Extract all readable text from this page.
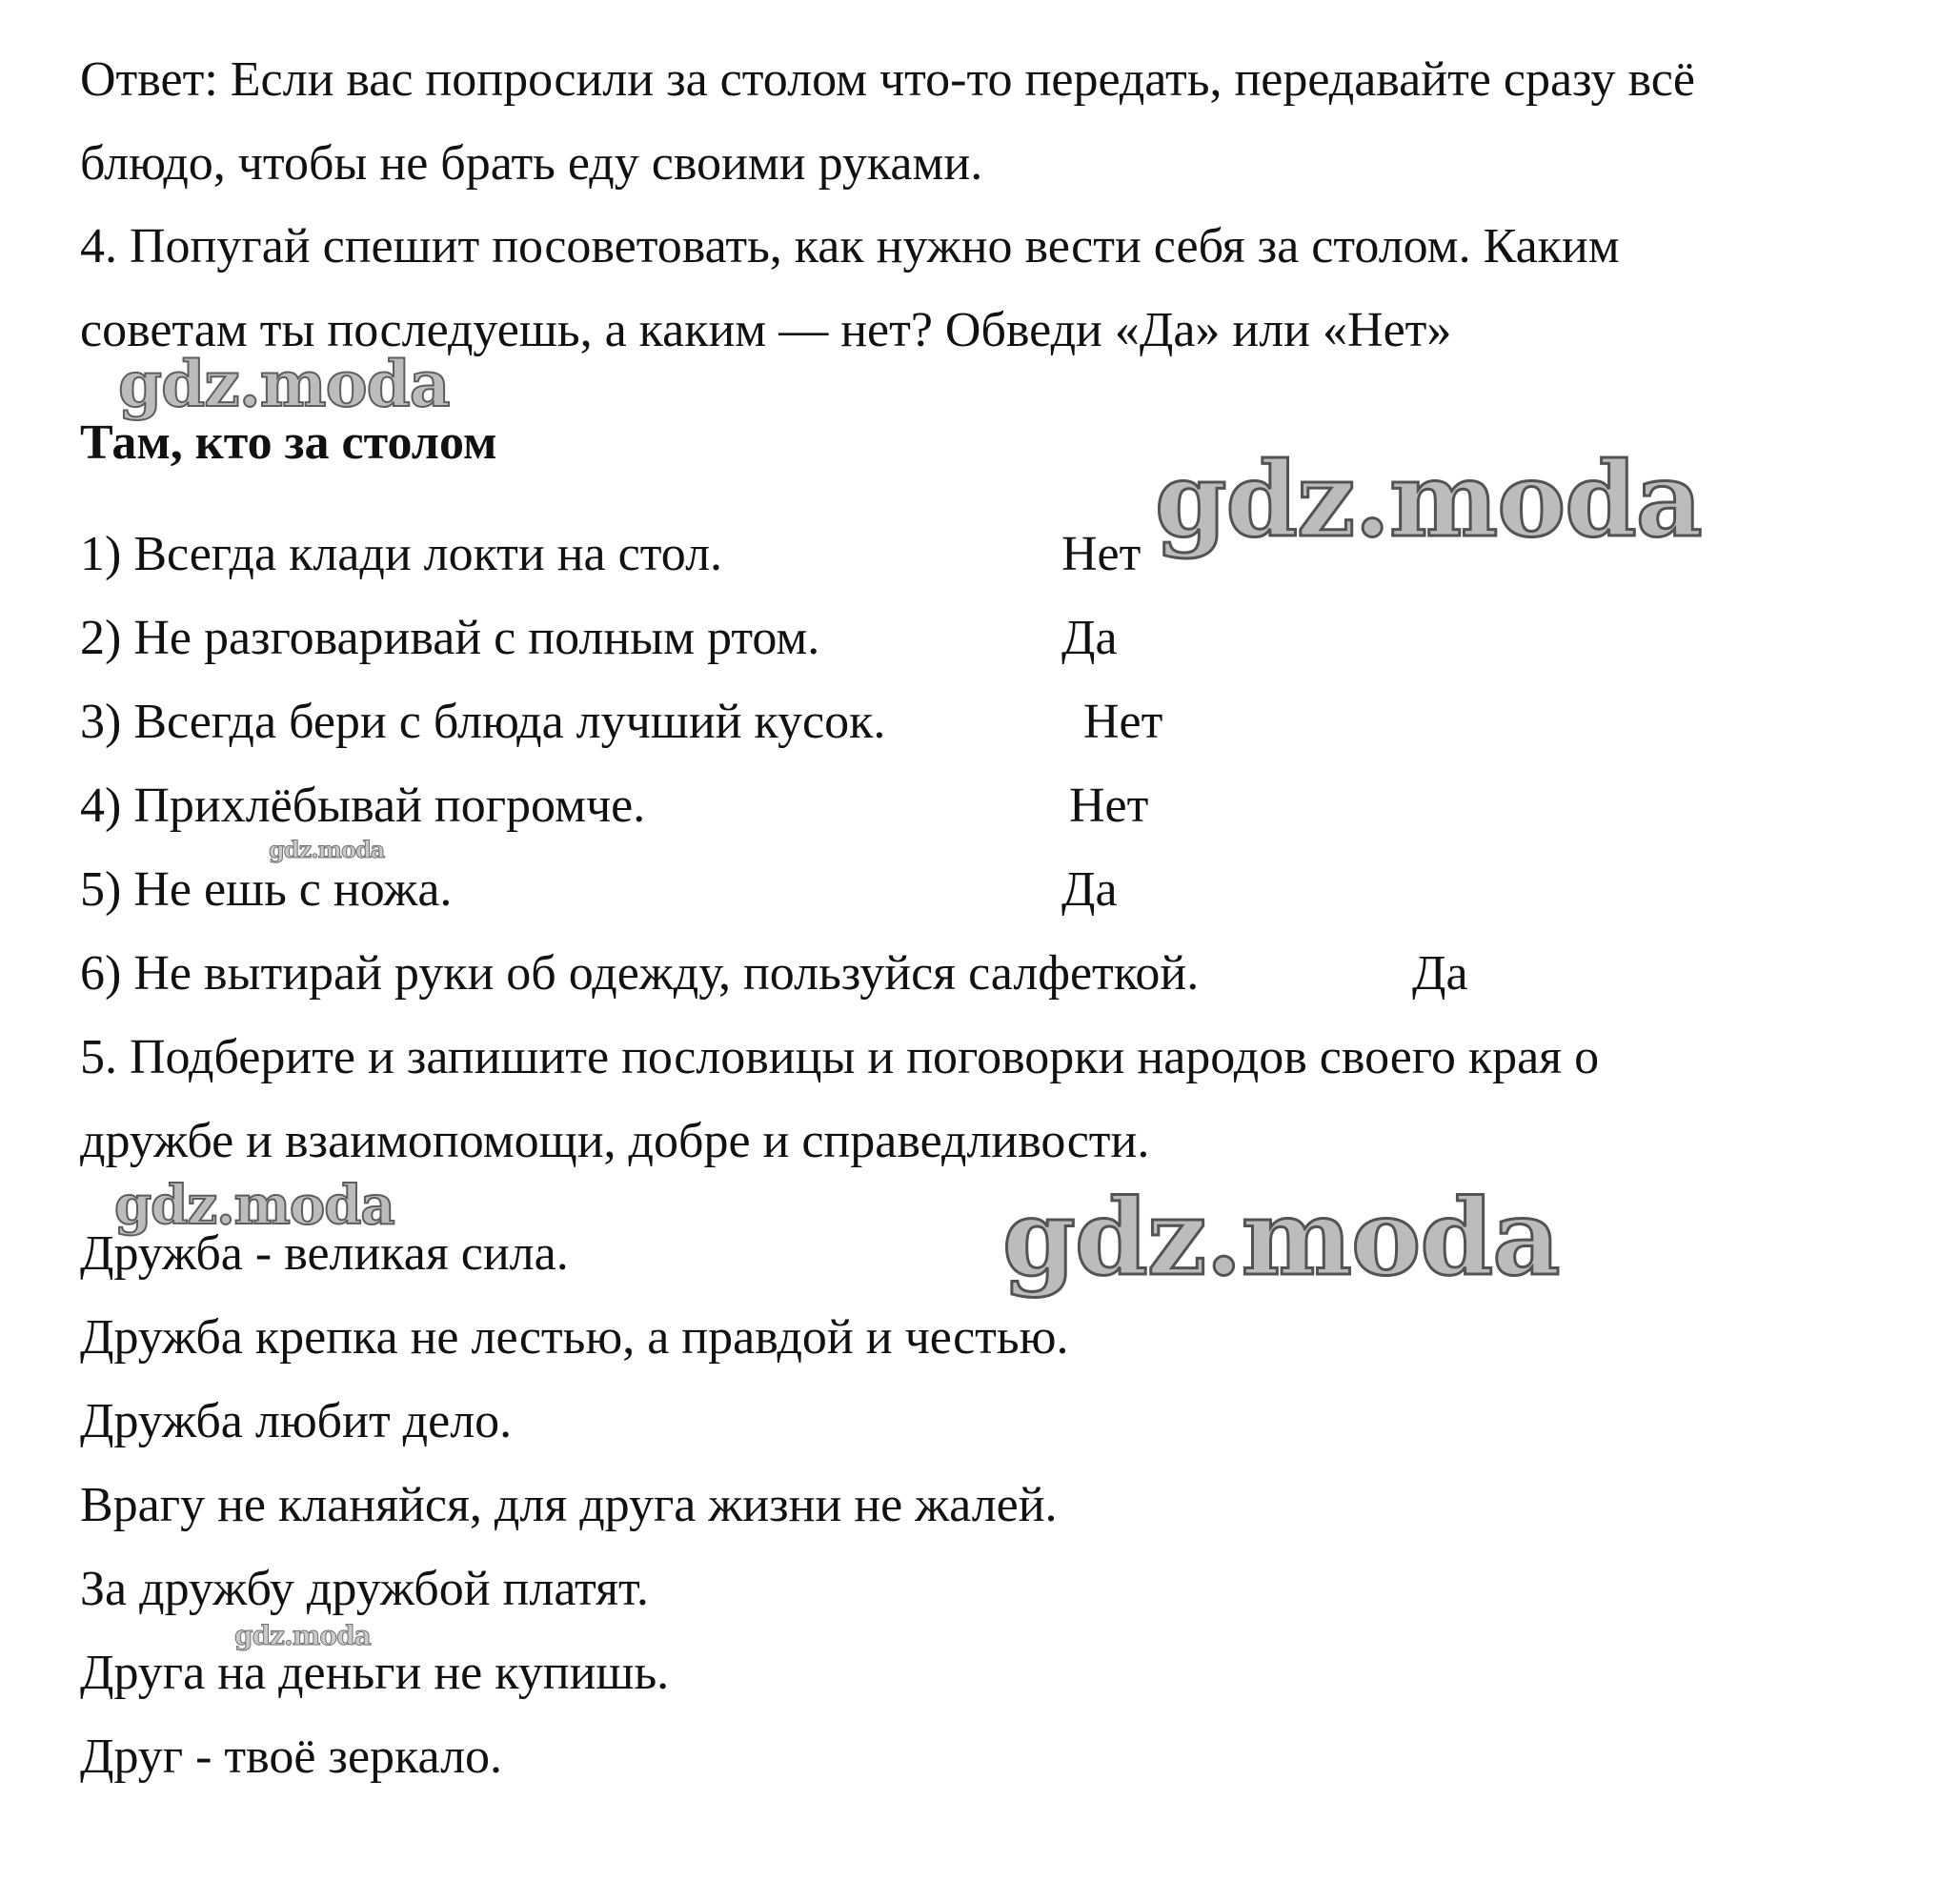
Ответ: Если вас попросили за столом что-то передать, передавайте сразу всё
блюдо, чтобы не брать еду своими руками.
4. Попугай спешит посоветовать, как нужно вести себя за столом. Каким
советам ты последуешь, а каким — нет? Обведи «Да» или «Нет»
Там, кто за столом
1) Всегда клади локти на стол.	Нет
2) Не разговаривай с полным ртом.	Да
3) Всегда бери с блюда лучший кусок.	Нет
4) Прихлёбывай погромче.	Нет
5) Не ешь с ножа.	Да
6) Не вытирай руки об одежду, пользуйся салфеткой.	Да
5. Подберите и запишите пословицы и поговорки народов своего края о
дружбе и взаимопомощи, добре и справедливости.
Дружба - великая сила.
Дружба крепка не лестью, а правдой и честью.
Дружба любит дело.
Врагу не кланяйся, для друга жизни не жалей.
За дружбу дружбой платят.
Друга на деньги не купишь.
Друг - твоё зеркало.
gdz.moda
gdz.moda
gdz.moda
gdz.moda	gdz.moda
gdz.moda
